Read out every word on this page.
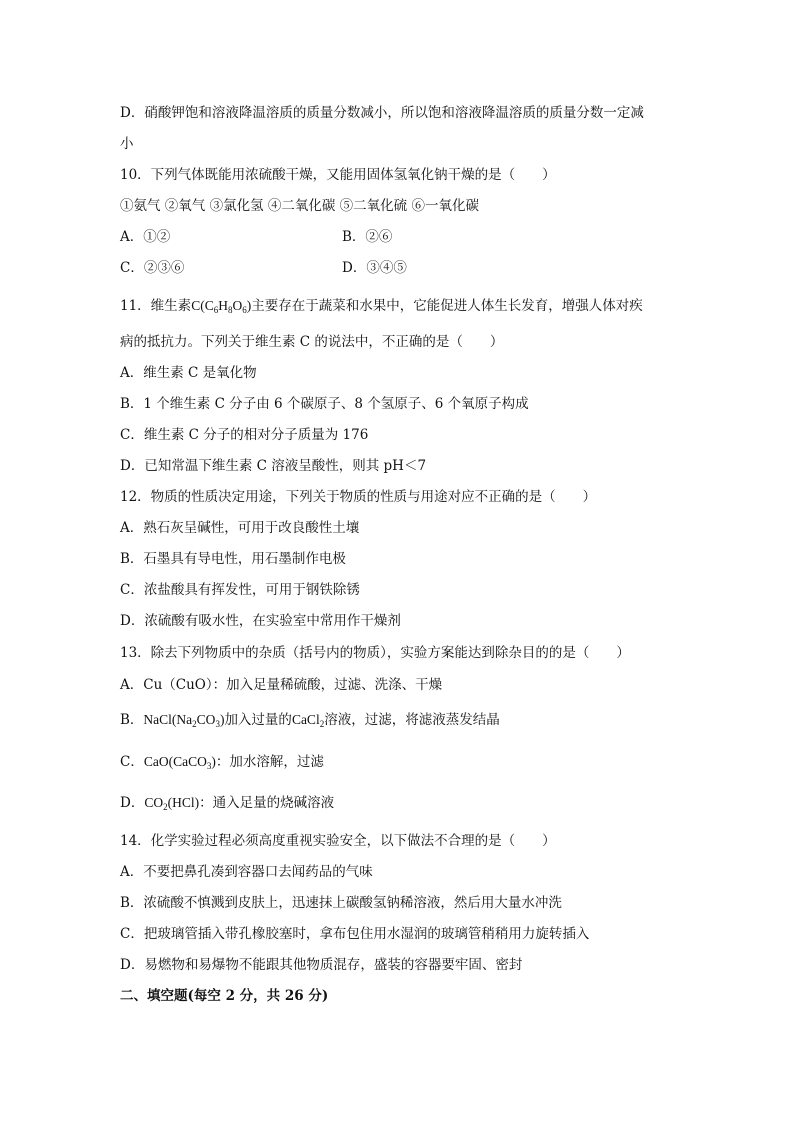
D．硝酸钾饱和溶液降温溶质的质量分数减小，所以饱和溶液降温溶质的质量分数一定减
小
10．下列气体既能用浓硫酸干燥，又能用固体氢氧化钠干燥的是（　　）
①氨气 ②氧气 ③氯化氢 ④二氧化碳 ⑤二氧化硫 ⑥一氧化碳
A．①②	B．②⑥
C．②③⑥	D．③④⑤
11．维生素$C(C_6H_8O_6)$主要存在于蔬菜和水果中，它能促进人体生长发育，增强人体对疾
病的抵抗力。下列关于维生素 C 的说法中，不正确的是（　　）
A．维生素 C 是氧化物
B．1 个维生素 C 分子由 6 个碳原子、8 个氢原子、6 个氧原子构成
C．维生素 C 分子的相对分子质量为 176
D．已知常温下维生素 C 溶液呈酸性，则其 pH＜7
12．物质的性质决定用途，下列关于物质的性质与用途对应不正确的是（　　）
A．熟石灰呈碱性，可用于改良酸性土壤
B．石墨具有导电性，用石墨制作电极
C．浓盐酸具有挥发性，可用于钢铁除锈
D．浓硫酸有吸水性，在实验室中常用作干燥剂
13．除去下列物质中的杂质（括号内的物质），实验方案能达到除杂目的的是（　　）
A．Cu（CuO）：加入足量稀硫酸，过滤、洗涤、干燥
B．$NaCl(Na_2CO_3)$加入过量的CaCl$_2$溶液，过滤，将滤液蒸发结晶
C．CaO(CaCO$_3$)：加水溶解，过滤
D．$CO_2(HCl)$：通入足量的烧碱溶液
14．化学实验过程必须高度重视实验安全，以下做法不合理的是（　　）
A．不要把鼻孔凑到容器口去闻药品的气味
B．浓硫酸不慎溅到皮肤上，迅速抹上碳酸氢钠稀溶液，然后用大量水冲洗
C．把玻璃管插入带孔橡胶塞时，拿布包住用水湿润的玻璃管稍稍用力旋转插入
D．易燃物和易爆物不能跟其他物质混存，盛装的容器要牢固、密封
二、填空题(每空 2 分，共 26 分)
